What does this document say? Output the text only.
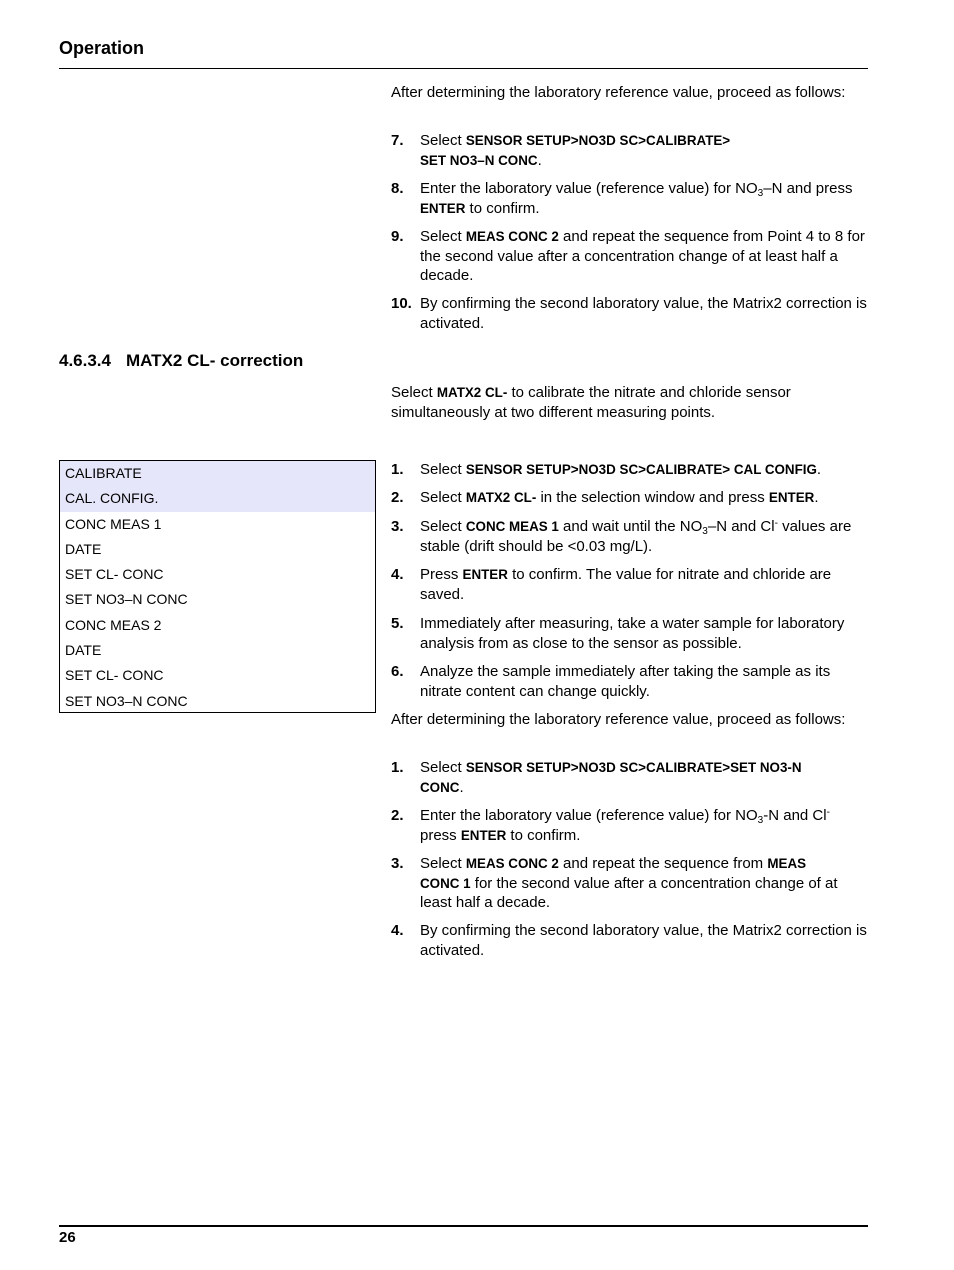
Operation
After determining the laboratory reference value, proceed as follows:
7. Select SENSOR SETUP>NO3D SC>CALIBRATE>
SET NO3–N CONC.
8. Enter the laboratory value (reference value) for $NO_3-N$ and press ENTER to confirm.
9. Select MEAS CONC 2 and repeat the sequence from Point 4 to 8 for the second value after a concentration change of at least half a decade.
10. By confirming the second laboratory value, the Matrix2 correction is activated.
4.6.3.4 MATX2 CL- correction
Select MATX2 CL- to calibrate the nitrate and chloride sensor simultaneously at two different measuring points.
CALIBRATE
CAL. CONFIG.
CONC MEAS 1
DATE
SET CL- CONC
SET NO3–N CONC
CONC MEAS 2
DATE
SET CL- CONC
SET NO3–N CONC
1. Select SENSOR SETUP>NO3D SC>CALIBRATE> CAL CONFIG.
2. Select MATX2 CL- in the selection window and press ENTER.
3. Select CONC MEAS 1 and wait until the $NO_3-N$ and Cl- values are stable (drift should be <0.03 mg/L).
4. Press ENTER to confirm. The value for nitrate and chloride are saved.
5. Immediately after measuring, take a water sample for laboratory analysis from as close to the sensor as possible.
6. Analyze the sample immediately after taking the sample as its nitrate content can change quickly.
After determining the laboratory reference value, proceed as follows:
1. Select SENSOR SETUP>NO3D SC>CALIBRATE>SET NO3-N
CONC.
2. Enter the laboratory value (reference value) for $NO_3-N$ and Cl-
press ENTER to confirm.
3. Select MEAS CONC 2 and repeat the sequence from MEAS
CONC 1 for the second value after a concentration change of at least half a decade.
4. By confirming the second laboratory value, the Matrix2 correction is activated.
26
